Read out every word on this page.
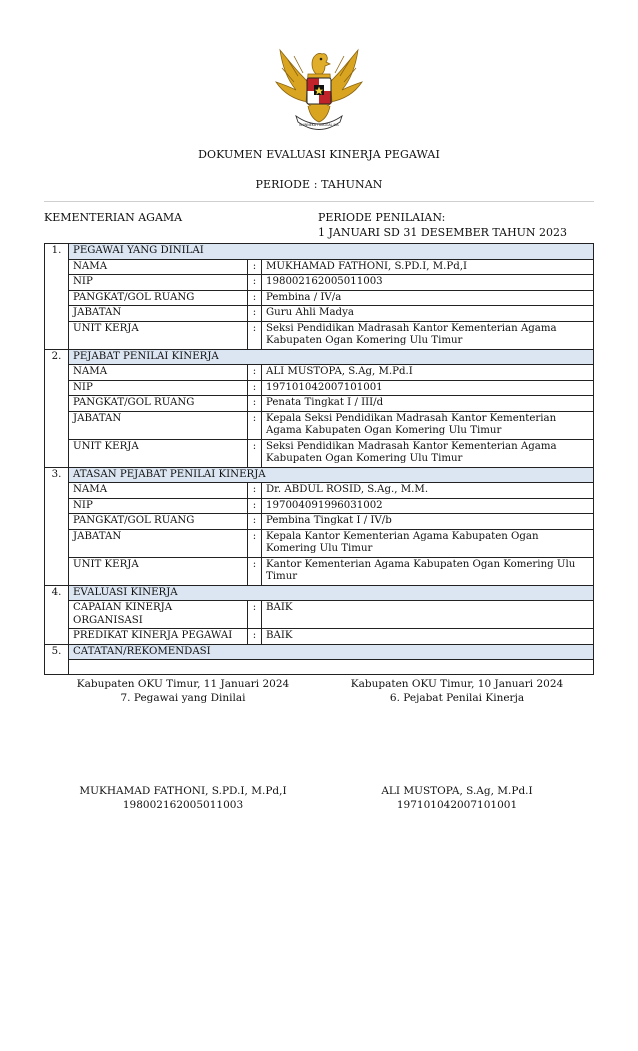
BHINNEKA TUNGGAL IKA
DOKUMEN EVALUASI KINERJA PEGAWAI
PERIODE : TAHUNAN
KEMENTERIAN AGAMA	PERIODE PENILAIAN:
1 JANUARI SD 31 DESEMBER TAHUN 2023
1.	PEGAWAI YANG DINILAI		
	NAMA	:	MUKHAMAD FATHONI, S.PD.I, M.Pd,I
	NIP	:	198002162005011003
	PANGKAT/GOL RUANG	:	Pembina / IV/a
	JABATAN	:	Guru Ahli Madya
	UNIT KERJA	:	Seksi Pendidikan Madrasah Kantor Kementerian Agama Kabupaten Ogan Komering Ulu Timur
2.	PEJABAT PENILAI KINERJA		
	NAMA	:	ALI MUSTOPA, S.Ag, M.Pd.I
	NIP	:	197101042007101001
	PANGKAT/GOL RUANG	:	Penata Tingkat I / III/d
	JABATAN	:	Kepala Seksi Pendidikan Madrasah Kantor Kementerian Agama Kabupaten Ogan Komering Ulu Timur
	UNIT KERJA	:	Seksi Pendidikan Madrasah Kantor Kementerian Agama Kabupaten Ogan Komering Ulu Timur
3.	ATASAN PEJABAT PENILAI KINERJA		
	NAMA	:	Dr. ABDUL ROSID, S.Ag., M.M.
	NIP	:	197004091996031002
	PANGKAT/GOL RUANG	:	Pembina Tingkat I / IV/b
	JABATAN	:	Kepala Kantor Kementerian Agama Kabupaten Ogan Komering Ulu Timur
	UNIT KERJA	:	Kantor Kementerian Agama Kabupaten Ogan Komering Ulu Timur
4.	EVALUASI KINERJA		
	CAPAIAN KINERJA ORGANISASI	:	BAIK
	PREDIKAT KINERJA PEGAWAI	:	BAIK
5.	CATATAN/REKOMENDASI		

Kabupaten OKU Timur, 11 Januari 2024
7. Pegawai yang Dinilai
MUKHAMAD FATHONI, S.PD.I, M.Pd,I
198002162005011003
Kabupaten OKU Timur, 10 Januari 2024
6. Pejabat Penilai Kinerja
ALI MUSTOPA, S.Ag, M.Pd.I
197101042007101001
